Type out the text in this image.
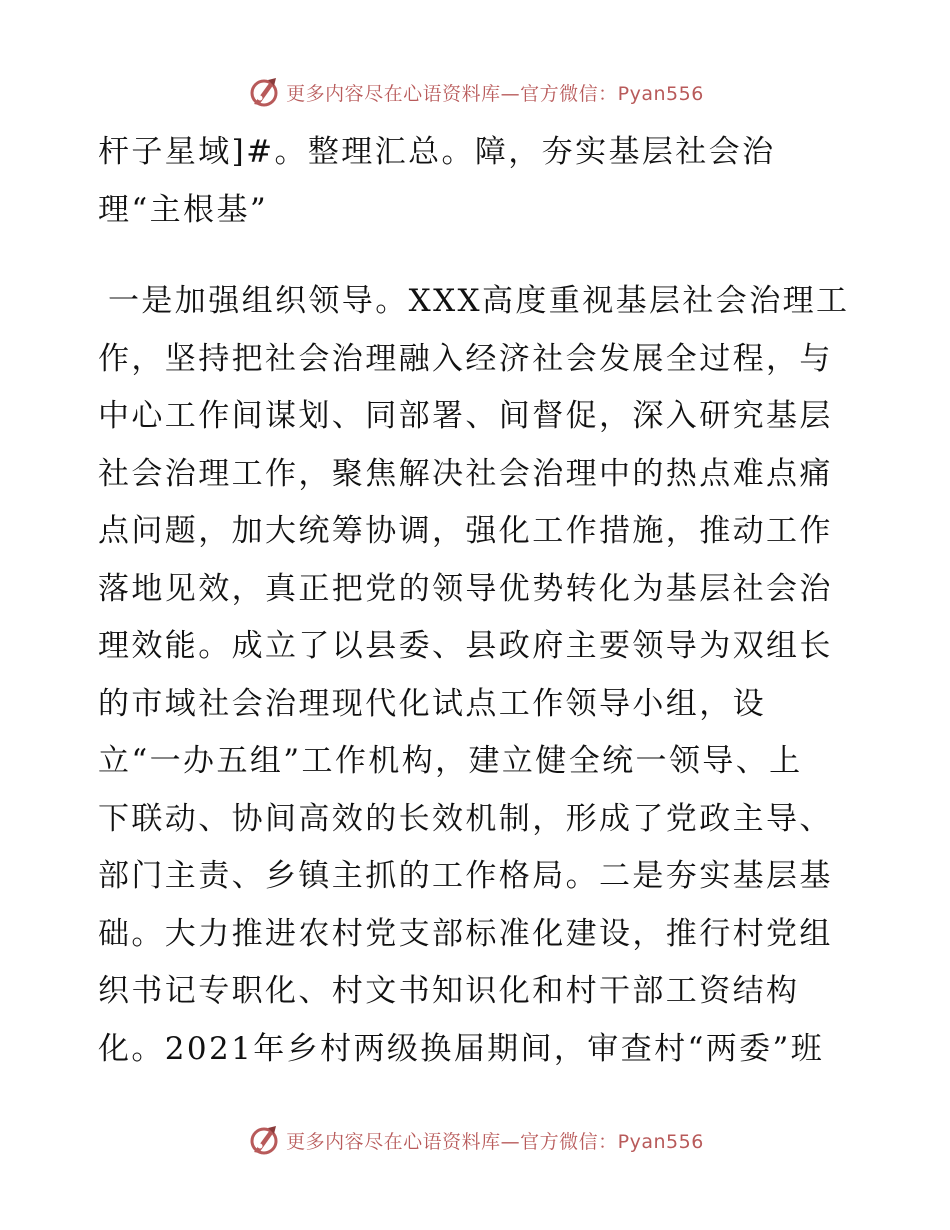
更多内容尽在心语资料库—官方微信：Pyan556
杆子星域]#。整理汇总。障，夯实基层社会治
理“主根基”
一是加强组织领导。XXX高度重视基层社会治理工
作，坚持把社会治理融入经济社会发展全过程，与
中心工作间谋划、同部署、间督促，深入研究基层
社会治理工作，聚焦解决社会治理中的热点难点痛
点问题，加大统筹协调，强化工作措施，推动工作
落地见效，真正把党的领导优势转化为基层社会治
理效能。成立了以县委、县政府主要领导为双组长
的市域社会治理现代化试点工作领导小组，设
立“一办五组”工作机构，建立健全统一领导、上
下联动、协间高效的长效机制，形成了党政主导、
部门主责、乡镇主抓的工作格局。二是夯实基层基
础。大力推进农村党支部标准化建设，推行村党组
织书记专职化、村文书知识化和村干部工资结构
化。2021年乡村两级换届期间，审查村“两委”班
更多内容尽在心语资料库—官方微信：Pyan556
